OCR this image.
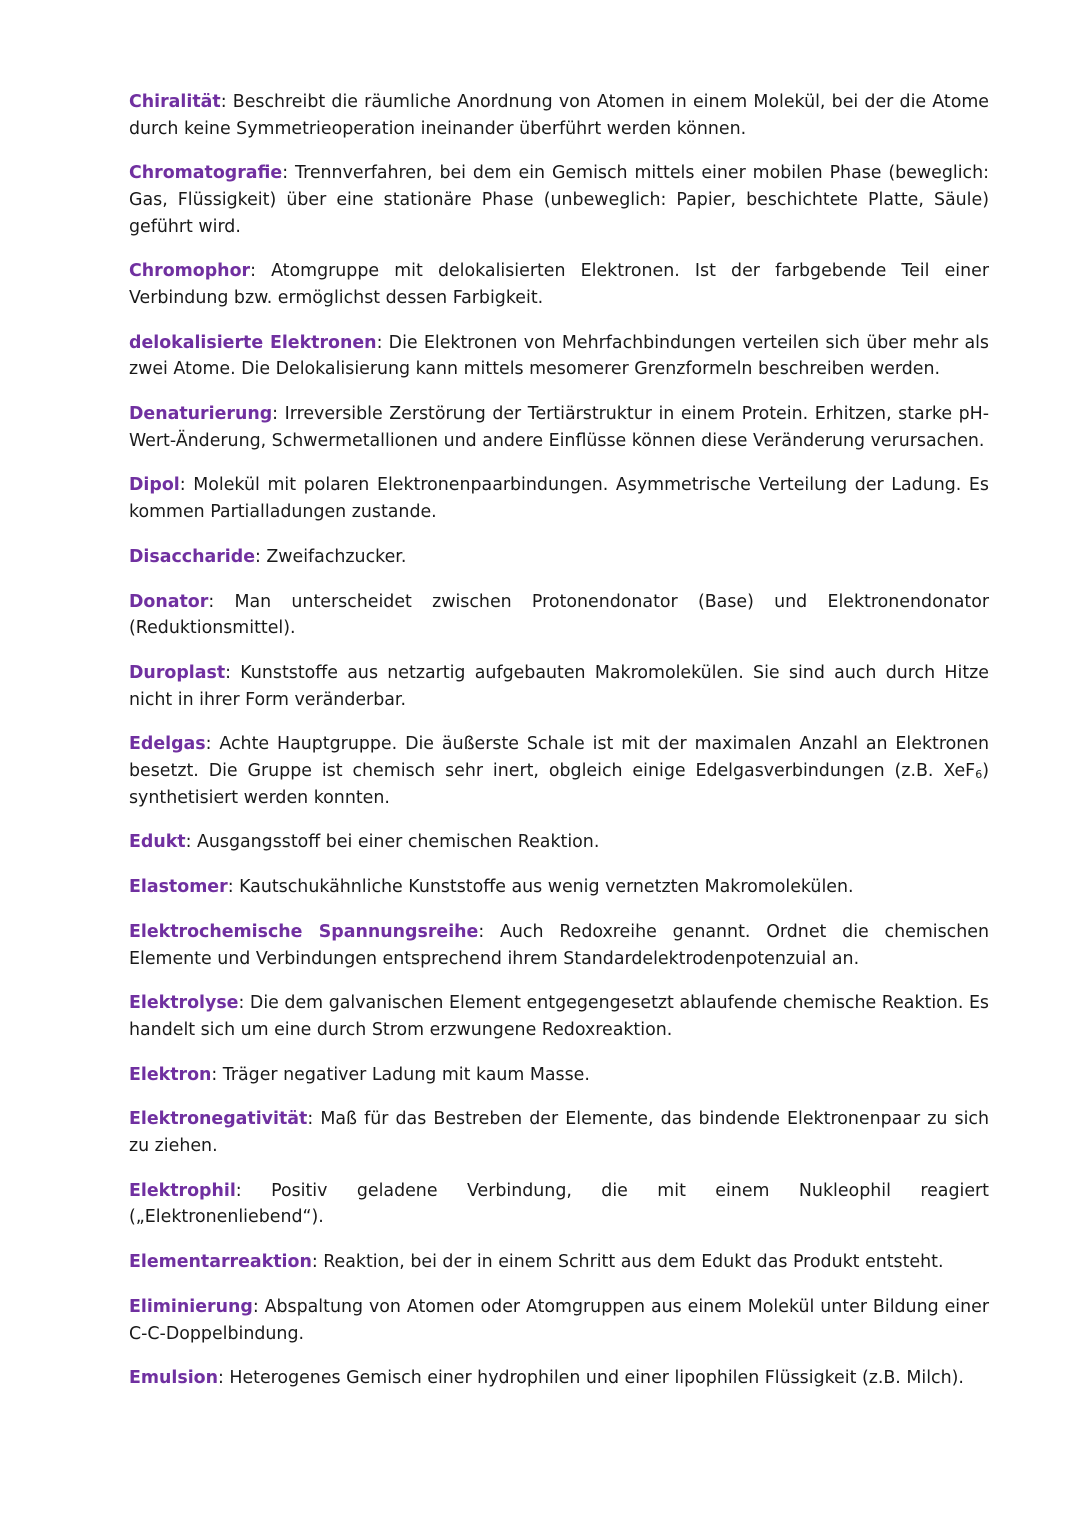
Chiralität: Beschreibt die räumliche Anordnung von Atomen in einem Molekül, bei der die Atome durch keine Symmetrieoperation ineinander überführt werden können.
Chromatografie: Trennverfahren, bei dem ein Gemisch mittels einer mobilen Phase (beweglich: Gas, Flüssigkeit) über eine stationäre Phase (unbeweglich: Papier, beschichtete Platte, Säule) geführt wird.
Chromophor: Atomgruppe mit delokalisierten Elektronen. Ist der farbgebende Teil einer Verbindung bzw. ermöglichst dessen Farbigkeit.
delokalisierte Elektronen: Die Elektronen von Mehrfachbindungen verteilen sich über mehr als zwei Atome. Die Delokalisierung kann mittels mesomerer Grenzformeln beschreiben werden.
Denaturierung: Irreversible Zerstörung der Tertiärstruktur in einem Protein. Erhitzen, starke pH-Wert-Änderung, Schwermetallionen und andere Einflüsse können diese Veränderung verursachen.
Dipol: Molekül mit polaren Elektronenpaarbindungen. Asymmetrische Verteilung der Ladung. Es kommen Partialladungen zustande.
Disaccharide: Zweifachzucker.
Donator: Man unterscheidet zwischen Protonendonator (Base) und Elektronendonator (Reduktionsmittel).
Duroplast: Kunststoffe aus netzartig aufgebauten Makromolekülen. Sie sind auch durch Hitze nicht in ihrer Form veränderbar.
Edelgas: Achte Hauptgruppe. Die äußerste Schale ist mit der maximalen Anzahl an Elektronen besetzt. Die Gruppe ist chemisch sehr inert, obgleich einige Edelgasverbindungen (z.B. XeF$_6$) synthetisiert werden konnten.
Edukt: Ausgangsstoff bei einer chemischen Reaktion.
Elastomer: Kautschukähnliche Kunststoffe aus wenig vernetzten Makromolekülen.
Elektrochemische Spannungsreihe: Auch Redoxreihe genannt. Ordnet die chemischen Elemente und Verbindungen entsprechend ihrem Standardelektrodenpotenzuial an.
Elektrolyse: Die dem galvanischen Element entgegengesetzt ablaufende chemische Reaktion. Es handelt sich um eine durch Strom erzwungene Redoxreaktion.
Elektron: Träger negativer Ladung mit kaum Masse.
Elektronegativität: Maß für das Bestreben der Elemente, das bindende Elektronenpaar zu sich zu ziehen.
Elektrophil: Positiv geladene Verbindung, die mit einem Nukleophil reagiert („Elektronenliebend“).
Elementarreaktion: Reaktion, bei der in einem Schritt aus dem Edukt das Produkt entsteht.
Eliminierung: Abspaltung von Atomen oder Atomgruppen aus einem Molekül unter Bildung einer C-C-Doppelbindung.
Emulsion: Heterogenes Gemisch einer hydrophilen und einer lipophilen Flüssigkeit (z.B. Milch).
